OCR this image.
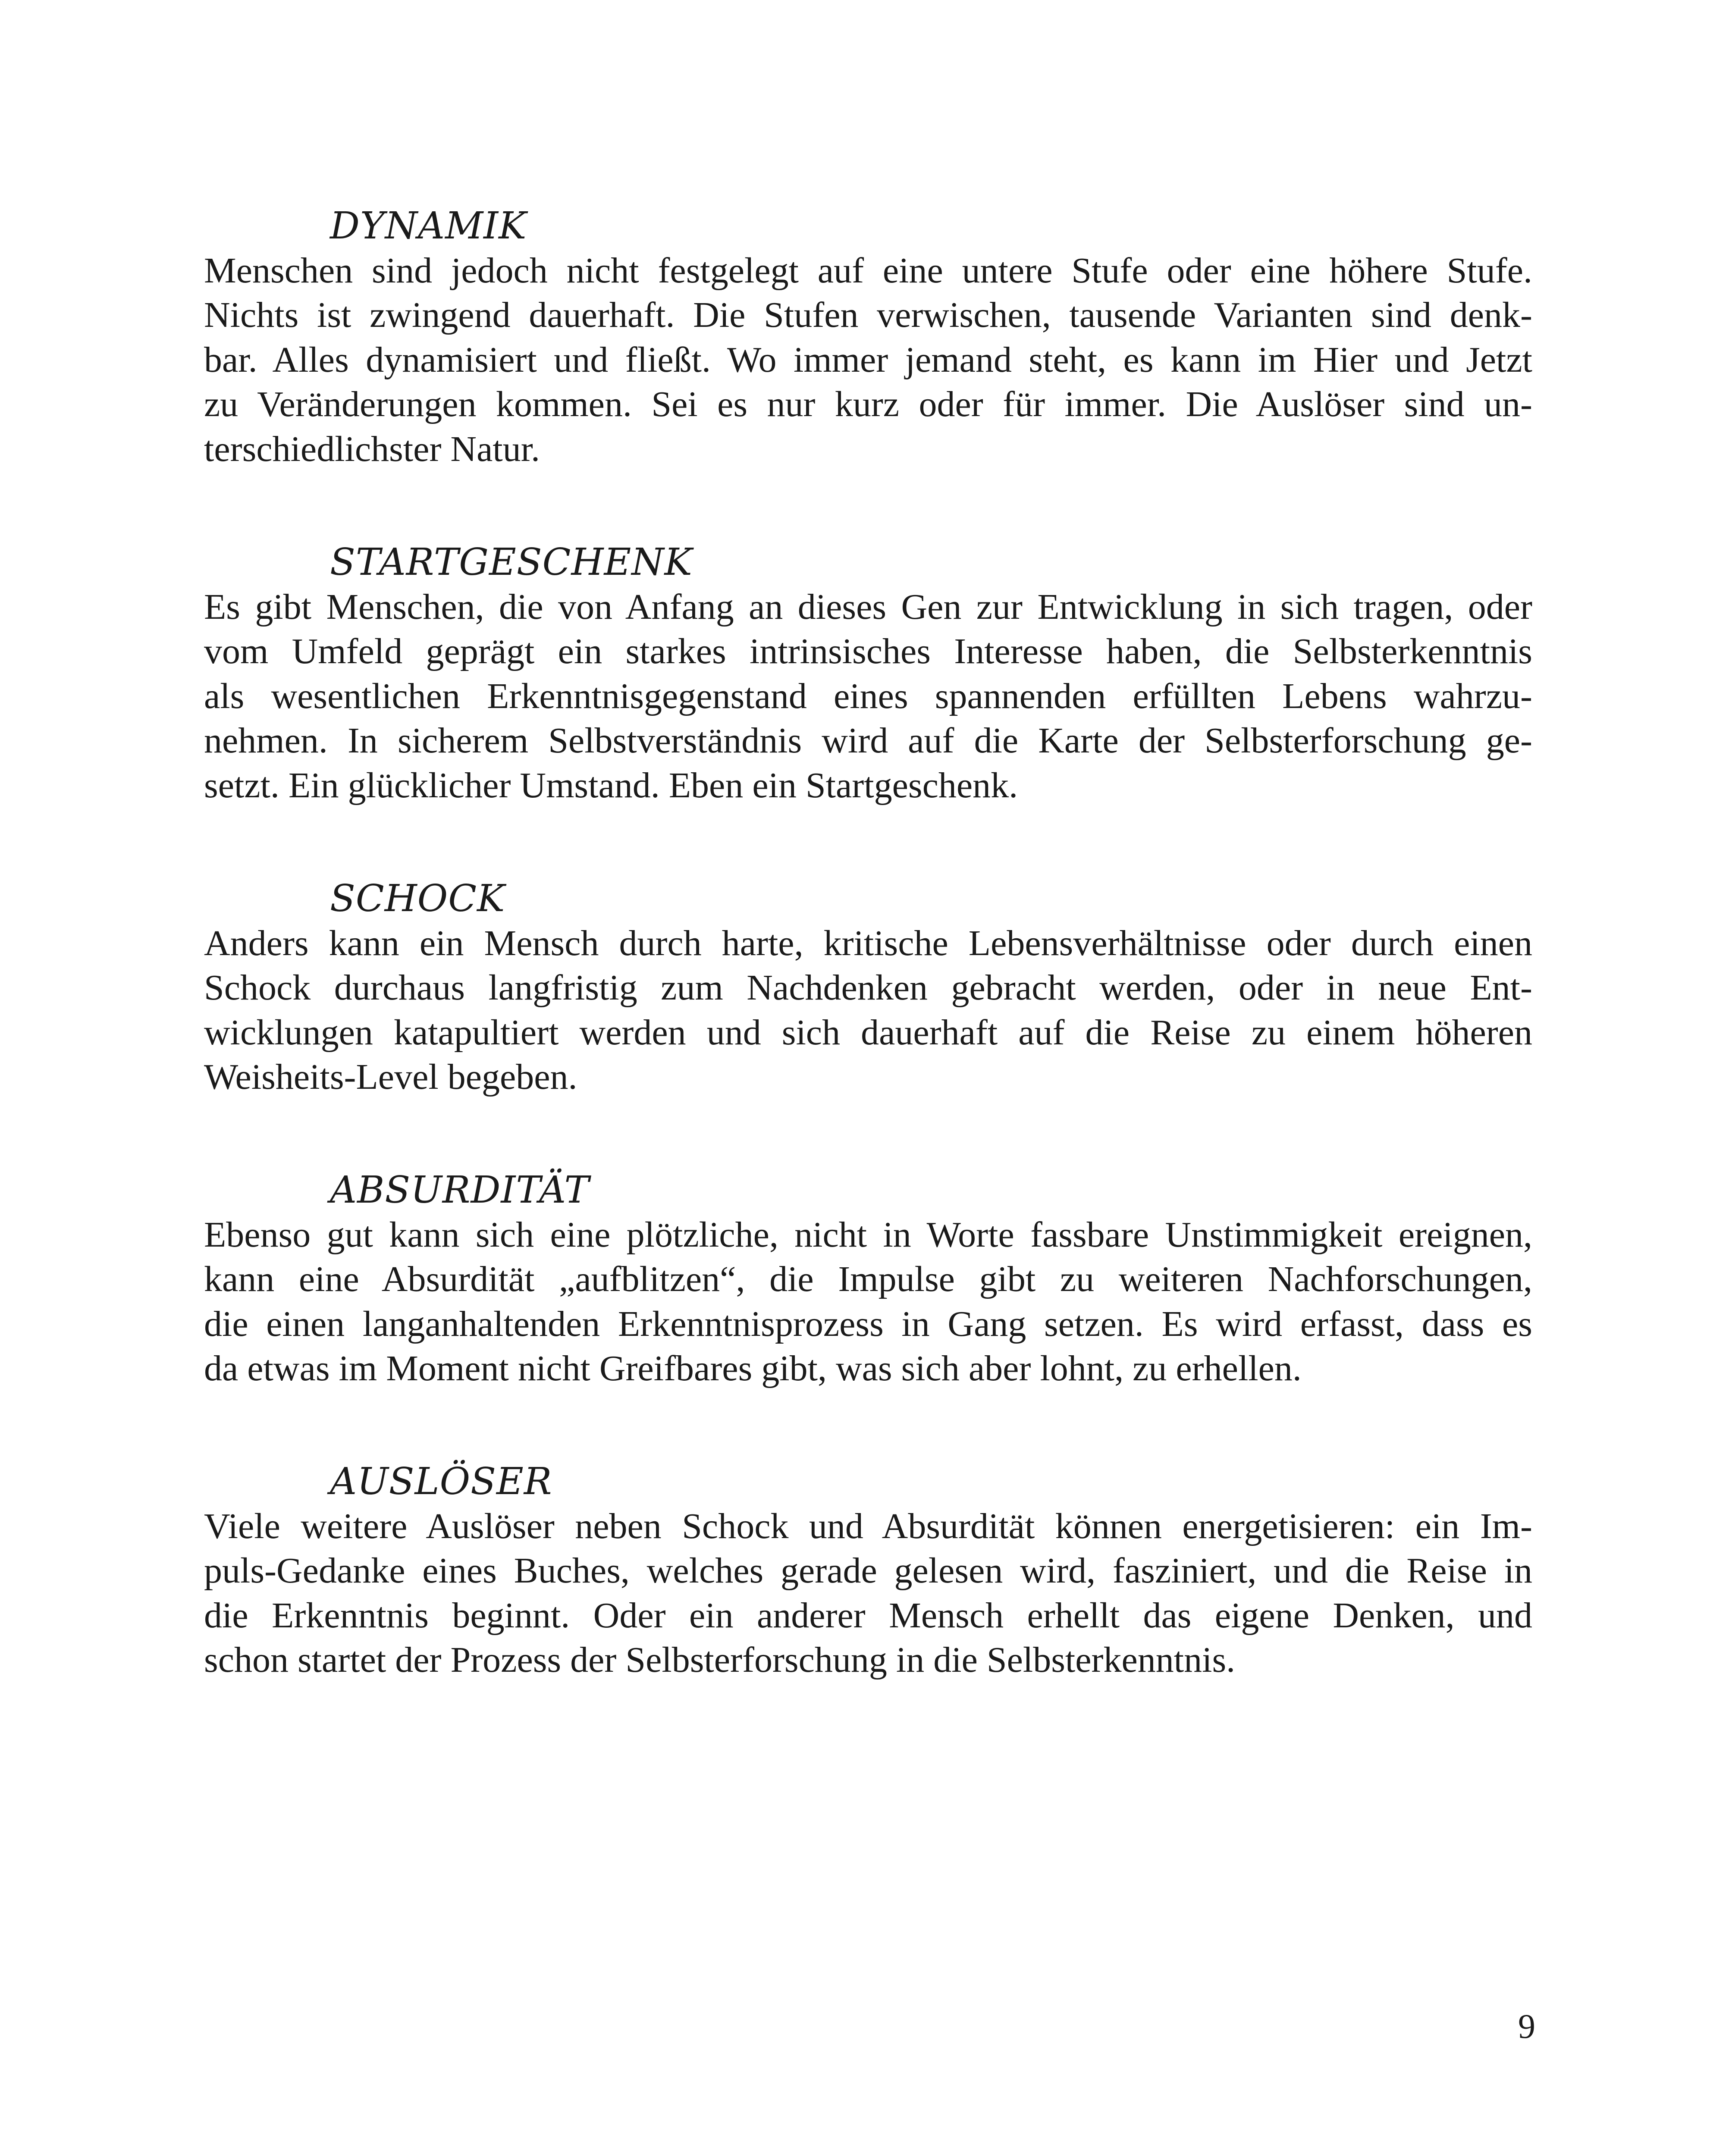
DYNAMIK
Menschen sind jedoch nicht festgelegt auf eine untere Stufe oder eine höhere Stufe.
Nichts ist zwingend dauerhaft. Die Stufen verwischen, tausende Varianten sind denk-
bar. Alles dynamisiert und fließt. Wo immer jemand steht, es kann im Hier und Jetzt
zu Veränderungen kommen. Sei es nur kurz oder für immer. Die Auslöser sind un-
terschiedlichster Natur.
STARTGESCHENK
Es gibt Menschen, die von Anfang an dieses Gen zur Entwicklung in sich tragen, oder
vom Umfeld geprägt ein starkes intrinsisches Interesse haben, die Selbsterkenntnis
als wesentlichen Erkenntnisgegenstand eines spannenden erfüllten Lebens wahrzu-
nehmen. In sicherem Selbstverständnis wird auf die Karte der Selbsterforschung ge-
setzt. Ein glücklicher Umstand. Eben ein Startgeschenk.
SCHOCK
Anders kann ein Mensch durch harte, kritische Lebensverhältnisse oder durch einen
Schock durchaus langfristig zum Nachdenken gebracht werden, oder in neue Ent-
wicklungen katapultiert werden und sich dauerhaft auf die Reise zu einem höheren
Weisheits-Level begeben.
ABSURDITÄT
Ebenso gut kann sich eine plötzliche, nicht in Worte fassbare Unstimmigkeit ereignen,
kann eine Absurdität „aufblitzen“, die Impulse gibt zu weiteren Nachforschungen,
die einen langanhaltenden Erkenntnisprozess in Gang setzen. Es wird erfasst, dass es
da etwas im Moment nicht Greifbares gibt, was sich aber lohnt, zu erhellen.
AUSLÖSER
Viele weitere Auslöser neben Schock und Absurdität können energetisieren: ein Im-
puls-Gedanke eines Buches, welches gerade gelesen wird, fasziniert, und die Reise in
die Erkenntnis beginnt. Oder ein anderer Mensch erhellt das eigene Denken, und
schon startet der Prozess der Selbsterforschung in die Selbsterkenntnis.
9
